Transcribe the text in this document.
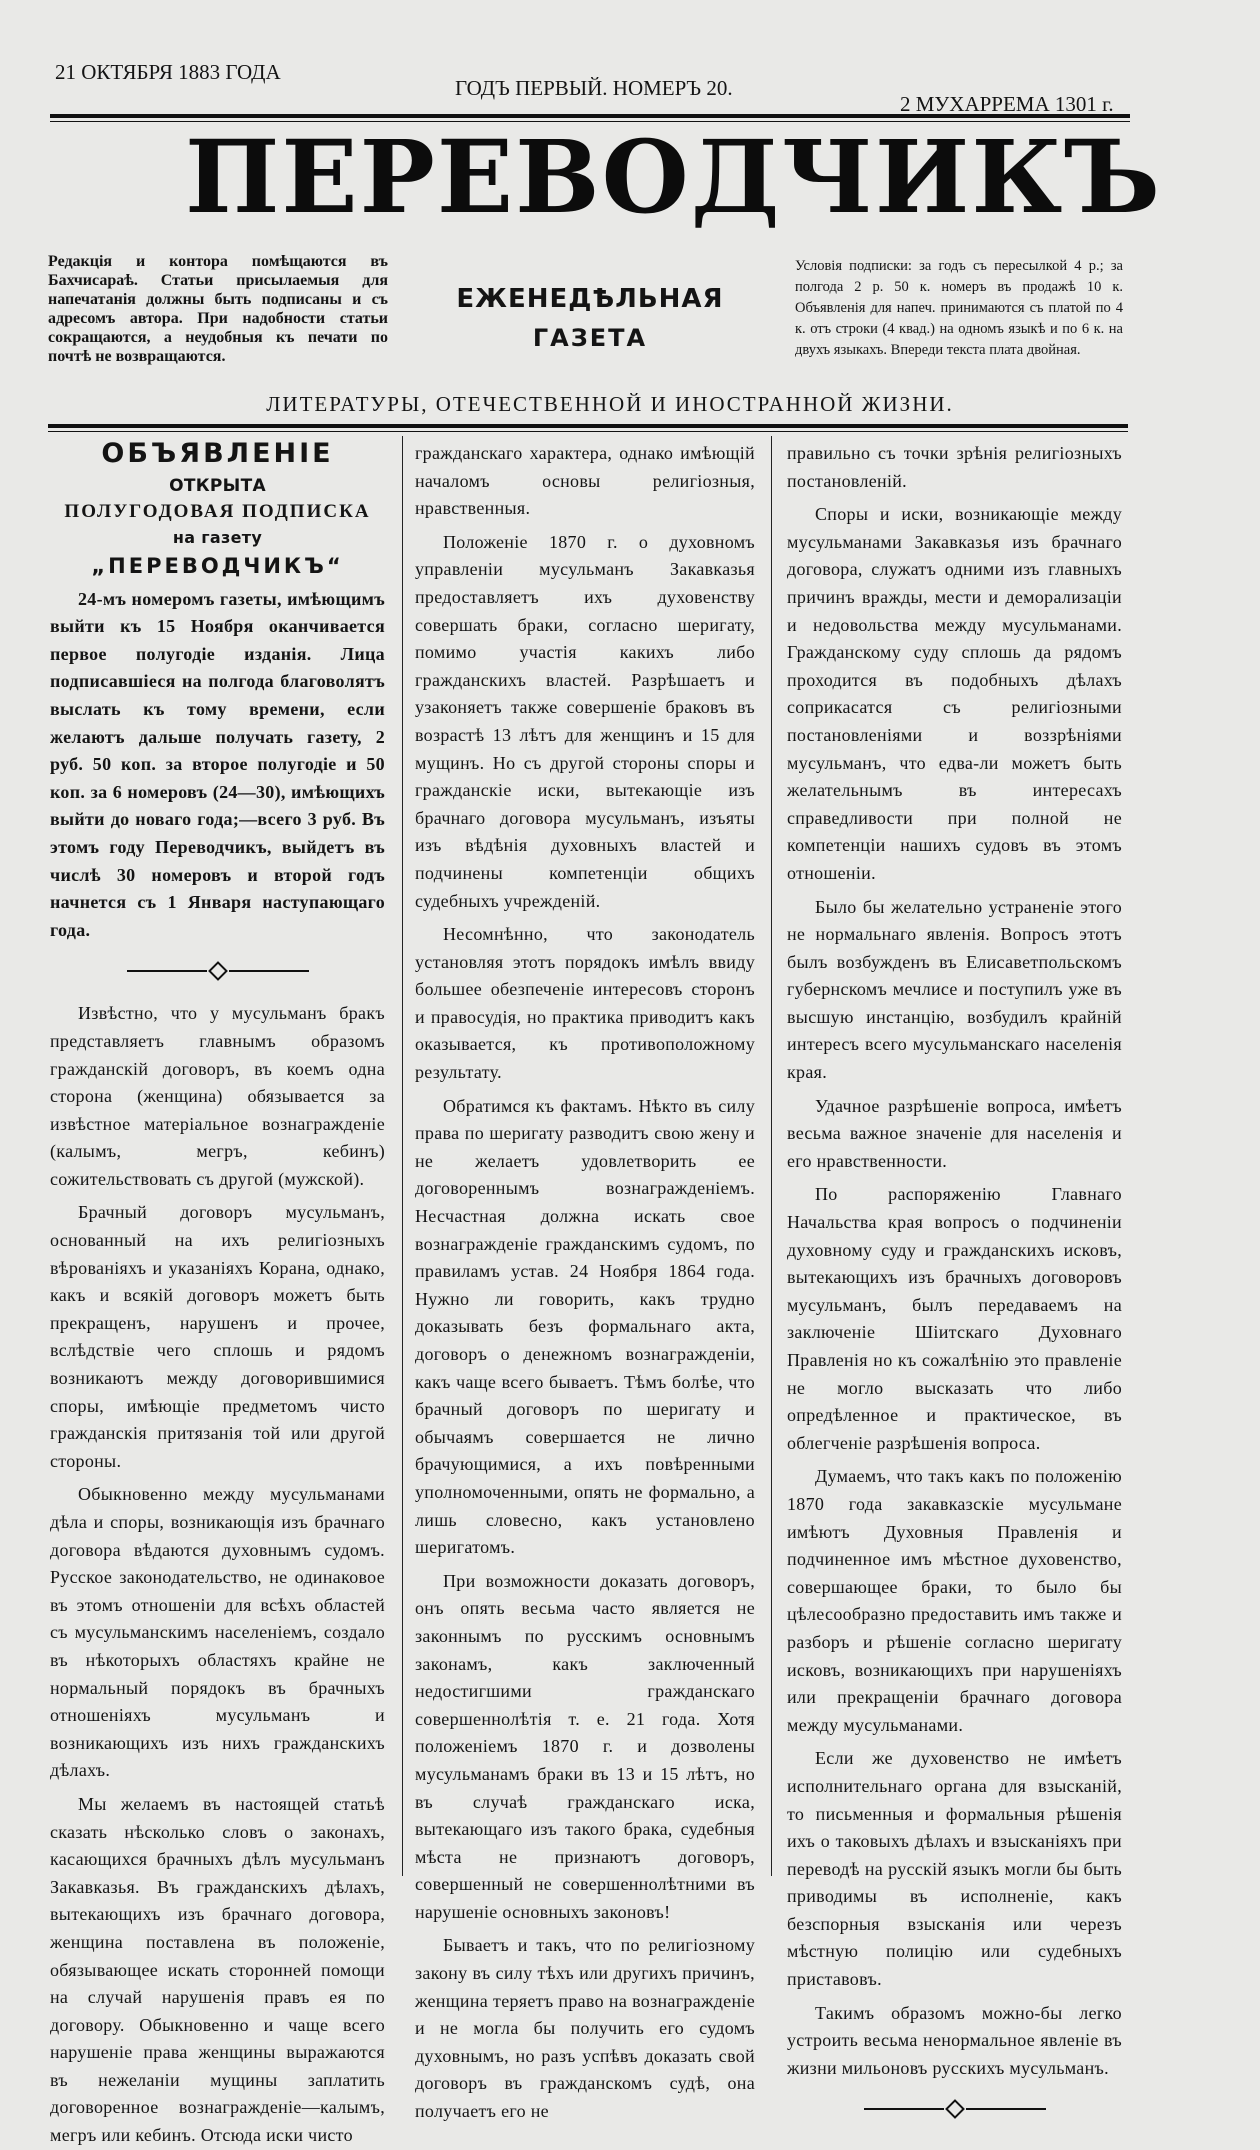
21 ОКТЯБРЯ 1883 ГОДА
ГОДЪ ПЕРВЫЙ. НОМЕРЪ 20.
2 МУХАРРЕМА 1301 г.
ПЕРЕВОДЧИКЪ
Редакція и контора помѣщаются въ Бахчисараѣ. Статьи присылаемыя для напечатанія должны быть подписаны и съ адресомъ автора. При надобности статьи сокращаются, а неудобныя къ печати по почтѣ не возвращаются.
ЕЖЕНЕДѢЛЬНАЯ
ГАЗЕТА
Условія подписки: за годъ съ пересылкой 4 р.; за полгода 2 р. 50 к. номеръ въ продажѣ 10 к. Объявленія для напеч. принимаются съ платой по 4 к. отъ строки (4 квад.) на одномъ языкѣ и по 6 к. на двухъ языкахъ. Впереди текста плата двойная.
ЛИТЕРАТУРЫ, ОТЕЧЕСТВЕННОЙ И ИНОСТРАННОЙ ЖИЗНИ.
ОБЪЯВЛЕНІЕ
ОТКРЫТА
ПОЛУГОДОВАЯ ПОДПИСКА
на газету
„ПЕРЕВОДЧИКЪ“

24-мъ номеромъ газеты, имѣющимъ выйти къ 15 Ноября оканчивается первое полугодіе изданія. Лица подписавшіеся на полгода благоволятъ выслать къ тому времени, если желаютъ дальше получать газету, 2 руб. 50 коп. за второе полугодіе и 50 коп. за 6 номеровъ (24—30), имѣющихъ выйти до новаго года;—всего 3 руб. Въ этомъ году Переводчикъ, выйдетъ въ числѣ 30 номеровъ и второй годъ начнется съ 1 Января наступающаго года.

Извѣстно, что у мусульманъ бракъ представляетъ главнымъ образомъ гражданскій договоръ, въ коемъ одна сторона (женщина) обязывается за извѣстное матеріальное вознагражденіе (калымъ, мегръ, кебинъ) сожительствовать съ другой (мужской).

Брачный договоръ мусульманъ, основанный на ихъ религіозныхъ вѣрованіяхъ и указаніяхъ Корана, однако, какъ и всякій договоръ можетъ быть прекращенъ, нарушенъ и прочее, вслѣдствіе чего сплошь и рядомъ возникаютъ между договорившимися споры, имѣющіе предметомъ чисто гражданскія притязанія той или другой стороны.

Обыкновенно между мусульманами дѣла и споры, возникающія изъ брачнаго договора вѣдаются духовнымъ судомъ. Русское законодательство, не одинаковое въ этомъ отношеніи для всѣхъ областей съ мусульманскимъ населеніемъ, создало въ нѣкоторыхъ областяхъ крайне не нормальный порядокъ въ брачныхъ отношеніяхъ мусульманъ и возникающихъ изъ нихъ гражданскихъ дѣлахъ.

Мы желаемъ въ настоящей статьѣ сказать нѣсколько словъ о законахъ, касающихся брачныхъ дѣлъ мусульманъ Закавказья. Въ гражданскихъ дѣлахъ, вытекающихъ изъ брачнаго договора, женщина поставлена въ положеніе, обязывающее искать сторонней помощи на случай нарушенія правъ ея по договору. Обыкновенно и чаще всего нарушеніе права женщины выражаются въ нежеланіи мущины заплатить договоренное вознагражденіе—калымъ, мегръ или кебинъ. Отсюда иски чисто

гражданскаго характера, однако имѣющій началомъ основы религіозныя, нравственныя.

Положеніе 1870 г. о духовномъ управленіи мусульманъ Закавказья предоставляетъ ихъ духовенству совершать браки, согласно шеригату, помимо участія какихъ либо гражданскихъ властей. Разрѣшаетъ и узаконяетъ также совершеніе браковъ въ возрастѣ 13 лѣтъ для женщинъ и 15 для мущинъ. Но съ другой стороны споры и гражданскіе иски, вытекающіе изъ брачнаго договора мусульманъ, изъяты изъ вѣдѣнія духовныхъ властей и подчинены компетенціи общихъ судебныхъ учрежденій.

Несомнѣнно, что законодатель установляя этотъ порядокъ имѣлъ ввиду большее обезпеченіе интересовъ сторонъ и правосудія, но практика приводитъ какъ оказывается, къ противоположному результату.

Обратимся къ фактамъ. Нѣкто въ силу права по шеригату разводитъ свою жену и не желаетъ удовлетворить ее договореннымъ вознагражденіемъ. Несчастная должна искать свое вознагражденіе гражданскимъ судомъ, по правиламъ устав. 24 Ноября 1864 года. Нужно ли говорить, какъ трудно доказывать безъ формальнаго акта, договоръ о денежномъ вознагражденіи, какъ чаще всего бываетъ. Тѣмъ болѣе, что брачный договоръ по шеригату и обычаямъ совершается не лично брачующимися, а ихъ повѣренными уполномоченными, опять не формально, а лишь словесно, какъ установлено шеригатомъ.

При возможности доказать договоръ, онъ опять весьма часто является не законнымъ по русскимъ основнымъ законамъ, какъ заключенный недостигшими гражданскаго совершеннолѣтія т. е. 21 года. Хотя положеніемъ 1870 г. и дозволены мусульманамъ браки въ 13 и 15 лѣтъ, но въ случаѣ гражданскаго иска, вытекающаго изъ такого брака, судебныя мѣста не признаютъ договоръ, совершенный не совершеннолѣтними въ нарушеніе основныхъ законовъ!

Бываетъ и такъ, что по религіозному закону въ силу тѣхъ или другихъ причинъ, женщина теряетъ право на вознагражденіе и не могла бы получить его судомъ духовнымъ, но разъ успѣвъ доказать свой договоръ въ гражданскомъ судѣ, она получаетъ его не

правильно съ точки зрѣнія религіозныхъ постановленій.

Споры и иски, возникающіе между мусульманами Закавказья изъ брачнаго договора, служатъ одними изъ главныхъ причинъ вражды, мести и деморализаціи и недовольства между мусульманами. Гражданскому суду сплошь да рядомъ проходится въ подобныхъ дѣлахъ соприкасатся съ религіозными постановленіями и воззрѣніями мусульманъ, что едва-ли можетъ быть желательнымъ въ интересахъ справедливости при полной не компетенціи нашихъ судовъ въ этомъ отношеніи.

Было бы желательно устраненіе этого не нормальнаго явленія. Вопросъ этотъ былъ возбужденъ въ Елисаветпольскомъ губернскомъ мечлисе и поступилъ уже въ высшую инстанцію, возбудилъ крайній интересъ всего мусульманскаго населенія края.

Удачное разрѣшеніе вопроса, имѣетъ весьма важное значеніе для населенія и его нравственности.

По распоряженію Главнаго Начальства края вопросъ о подчиненіи духовному суду и гражданскихъ исковъ, вытекающихъ изъ брачныхъ договоровъ мусульманъ, былъ передаваемъ на заключеніе Шіитскаго Духовнаго Правленія но къ сожалѣнію это правленіе не могло высказать что либо опредѣленное и практическое, въ облегченіе разрѣшенія вопроса.

Думаемъ, что такъ какъ по положенію 1870 года закавказскіе мусульмане имѣютъ Духовныя Правленія и подчиненное имъ мѣстное духовенство, совершающее браки, то было бы цѣлесообразно предоставить имъ также и разборъ и рѣшеніе согласно шеригату исковъ, возникающихъ при нарушеніяхъ или прекращеніи брачнаго договора между мусульманами.

Если же духовенство не имѣетъ исполнительнаго органа для взысканій, то письменныя и формальныя рѣшенія ихъ о таковыхъ дѣлахъ и взысканіяхъ при переводѣ на русскій языкъ могли бы быть приводимы въ исполненіе, какъ безспорныя взысканія или черезъ мѣстную полицію или судебныхъ приставовъ.

Такимъ образомъ можно-бы легко устроить весьма ненормальное явленіе въ жизни мильоновъ русскихъ мусульманъ.
